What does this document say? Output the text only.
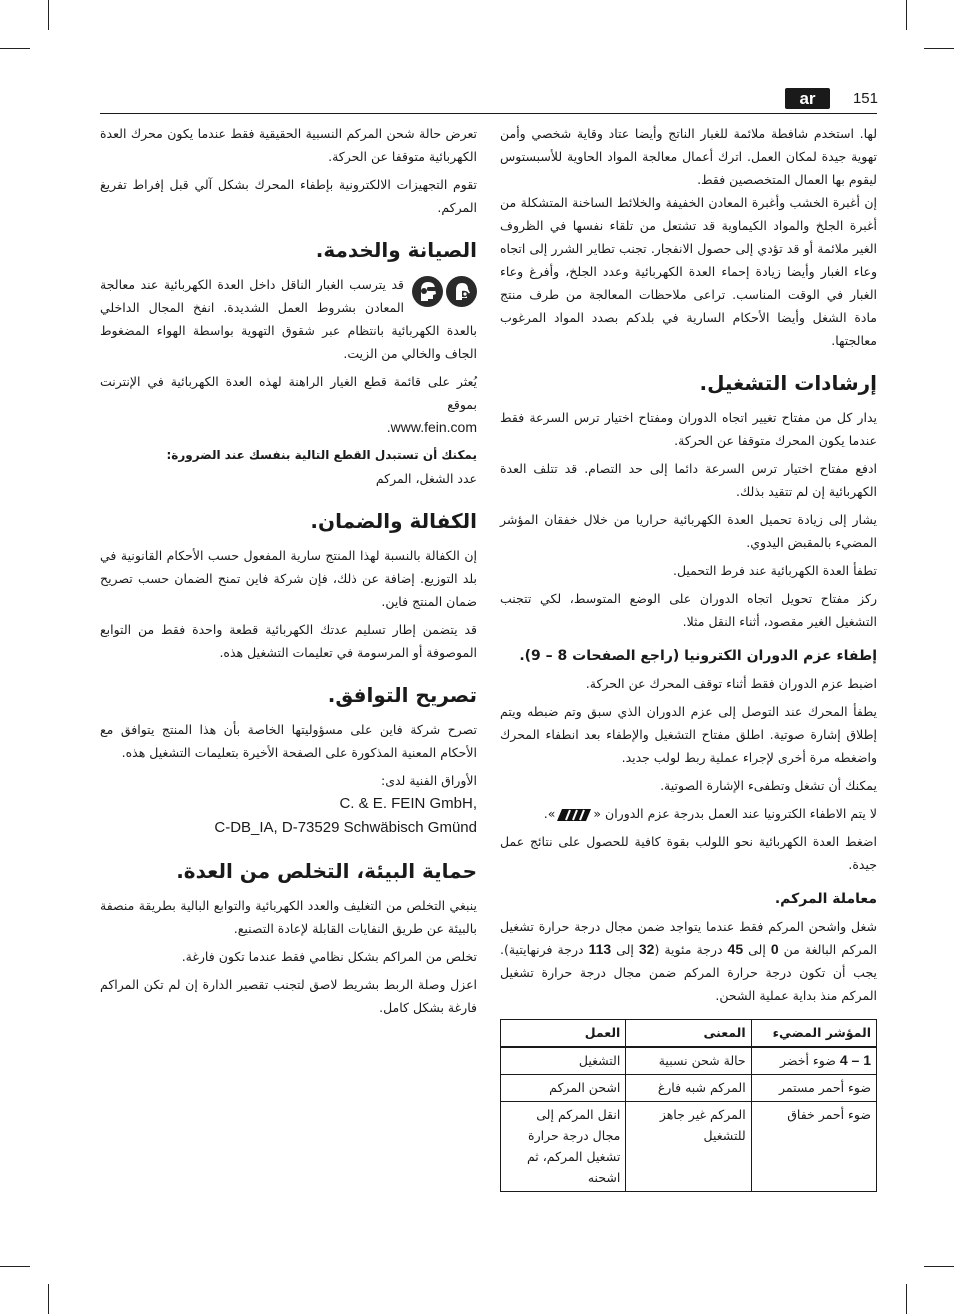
ar	151

لها. استخدم شافطة ملائمة للغبار الناتج وأيضا عتاد وقاية شخصي وأمن تهوية جيدة لمكان العمل. اترك أعمال معالجة المواد الحاوية للأسبستوس ليقوم بها العمال المتخصصين فقط.

إن أغبرة الخشب وأغبرة المعادن الخفيفة والخلائط الساخنة المتشكلة من أغبرة الجلخ والمواد الكيماوية قد تشتعل من تلقاء نفسها في الظروف الغير ملائمة أو قد تؤدي إلى حصول الانفجار. تجنب تطاير الشرر إلى اتجاه وعاء الغبار وأيضا زيادة إحماء العدة الكهربائية وعدد الجلخ، وأفرغ وعاء الغبار في الوقت المناسب. تراعى ملاحظات المعالجة من طرف منتج مادة الشغل وأيضا الأحكام السارية في بلدكم بصدد المواد المرغوب معالجتها.

إرشادات التشغيل.

يدار كل من مفتاح تغيير اتجاه الدوران ومفتاح اختيار ترس السرعة فقط عندما يكون المحرك متوقفا عن الحركة.

ادفع مفتاح اختيار ترس السرعة دائما إلى حد التصام. قد تتلف العدة الكهربائية إن لم تتقيد بذلك.

يشار إلى زيادة تحميل العدة الكهربائية حراريا من خلال خفقان المؤشر المضيء بالمقبض اليدوي.

تطفأ العدة الكهربائية عند فرط التحميل.

ركز مفتاح تحويل اتجاه الدوران على الوضع المتوسط، لكي تتجنب التشغيل الغير مقصود، أثناء النقل مثلا.

إطفاء عزم الدوران الكترونيا (راجع الصفحات 8 – 9).

اضبط عزم الدوران فقط أثناء توقف المحرك عن الحركة.

يطفأ المحرك عند التوصل إلى عزم الدوران الذي سبق وتم ضبطه ويتم إطلاق إشارة صوتية. اطلق مفتاح التشغيل والإطفاء بعد انطفاء المحرك واضغطه مرة أخرى لإجراء عملية ربط لولب جديد.

يمكنك أن تشغل وتطفىء الإشارة الصوتية.

لا يتم الاطفاء الكترونيا عند العمل بدرجة عزم الدوران «
».

اضغط العدة الكهربائية نحو اللولب بقوة كافية للحصول على نتائج عمل جيدة.

معاملة المركم.

شغل واشحن المركم فقط عندما يتواجد ضمن مجال درجة حرارة تشغيل المركم البالغة من 0 إلى 45 درجة مئوية (32 إلى 113 درجة فرنهايتية). يجب أن تكون درجة حرارة المركم ضمن مجال درجة حرارة تشغيل المركم منذ بداية عملية الشحن.

المؤشر المضيء	المعنى	العمل
1 – 4 ضوء أخضر	حالة شحن نسبية	التشغيل
ضوء أحمر مستمر	المركم شبه فارغ	اشحن المركم
ضوء أحمر خفاق	المركم غير جاهز للتشغيل	انقل المركم إلى مجال درجة حرارة تشغيل المركم، ثم اشحنه

تعرض حالة شحن المركم النسبية الحقيقية فقط عندما يكون محرك العدة الكهربائية متوقفا عن الحركة.

تقوم التجهيزات الالكترونية بإطفاء المحرك بشكل آلي قبل إفراط تفريغ المركم.

الصيانة والخدمة.

قد يترسب الغبار الناقل داخل العدة الكهربائية عند معالجة المعادن بشروط العمل الشديدة. انفخ المجال الداخلي بالعدة الكهربائية بانتظام عبر شقوق التهوية بواسطة الهواء المضغوط الجاف والخالي من الزيت.

يُعثر على قائمة قطع الغيار الراهنة لهذه العدة الكهربائية في الإنترنت بموقع
www.fein.com.

يمكنك أن تستبدل القطع التالية بنفسك عند الضرورة:

عدد الشغل، المركم

الكفالة والضمان.

إن الكفالة بالنسبة لهذا المنتج سارية المفعول حسب الأحكام القانونية في بلد التوزيع. إضافة عن ذلك، فإن شركة فاين تمنح الضمان حسب تصريح ضمان المنتج فاين.

قد يتضمن إطار تسليم عدتك الكهربائية قطعة واحدة فقط من التوابع الموصوفة أو المرسومة في تعليمات التشغيل هذه.

تصريح التوافق.

تصرح شركة فاين على مسؤوليتها الخاصة بأن هذا المنتج يتوافق مع الأحكام المعنية المذكورة على الصفحة الأخيرة بتعليمات التشغيل هذه.

الأوراق الفنية لدى:

C. & E. FEIN GmbH,
C-DB_IA, D-73529 Schwäbisch Gmünd
حماية البيئة، التخلص من العدة.

ينبغي التخلص من التغليف والعدد الكهربائية والتوابع البالية بطريقة منصفة بالبيئة عن طريق النفايات القابلة لإعادة التصنيع.

تخلص من المراكم بشكل نظامي فقط عندما تكون فارغة.

اعزل وصلة الربط بشريط لاصق لتجنب تقصير الدارة إن لم تكن المراكم فارغة بشكل كامل.
